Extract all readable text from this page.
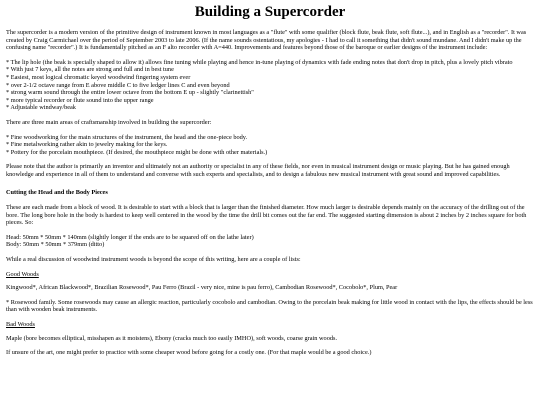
Building a Supercorder

The supercorder is a modern version of the primitive design of instrument known in most languages as a "flute" with some qualifier (block flute, beak flute, soft flute...), and in English as a "recorder". It was created by Craig Carmichael over the period of September 2003 to late 2006. (If the name sounds ostentatious, my apologies - I had to call it something that didn't sound mundane. And I didn't make up the confusing name "recorder".) It is fundamentally pitched as an F alto recorder with A=440. Improvements and features beyond those of the baroque or earlier designs of the instrument include:

* The lip hole (the beak is specially shaped to allow it) allows fine tuning while playing and hence in-tune playing of dynamics with fade ending notes that don't drop in pitch, plus a lovely pitch vibrato
* With just 7 keys, all the notes are strong and full and in best tune
* Easiest, most logical chromatic keyed woodwind fingering system ever
* over 2-1/2 octave range from E above middle C to five ledger lines C and even beyond
* strong warm sound through the entire lower octave from the bottom E up - slightly "clarinettish"
* more typical recorder or flute sound into the upper range
* Adjustable windway/beak

There are three main areas of craftsmanship involved in building the supercorder:

* Fine woodworking for the main structures of the instrument, the head and the one-piece body.
* Fine metalworking rather akin to jewelry making for the keys.
* Pottery for the porcelain mouthpiece. (If desired, the mouthpiece might be done with other materials.)

Please note that the author is primarily an inventor and ultimately not an authority or specialist in any of these fields, nor even in musical instrument design or music playing. But he has gained enough knowledge and experience in all of them to understand and converse with such experts and specialists, and to design a fabulous new musical instrument with great sound and improved capabilities.

Cutting the Head and the Body Pieces

These are each made from a block of wood. It is desirable to start with a block that is larger than the finished diameter. How much larger is desirable depends mainly on the accuracy of the drilling out of the bore. The long bore hole in the body is hardest to keep well centered in the wood by the time the drill bit comes out the far end. The suggested starting dimension is about 2 inches by 2 inches square for both pieces. So:

Head: 50mm * 50mm * 140mm (slightly longer if the ends are to be squared off on the lathe later)
Body: 50mm * 50mm * 379mm (ditto)

While a real discussion of woodwind instrument woods is beyond the scope of this writing, here are a couple of lists:

Good Woods

Kingwood*, African Blackwood*, Brazilian Rosewood*, Pau Ferro (Brazil - very nice, mine is pau ferro), Cambodian Rosewood*, Cocobolo*, Plum, Pear

* Rosewood family. Some rosewoods may cause an allergic reaction, particularly cocobolo and cambodian. Owing to the porcelain beak making for little wood in contact with the lips, the effects should be less than with wooden beak instruments.

Bad Woods

Maple (bore becomes elliptical, misshapen as it moistens), Ebony (cracks much too easily IMHO), soft woods, coarse grain woods.

If unsure of the art, one might prefer to practice with some cheaper wood before going for a costly one. (For that maple would be a good choice.)
